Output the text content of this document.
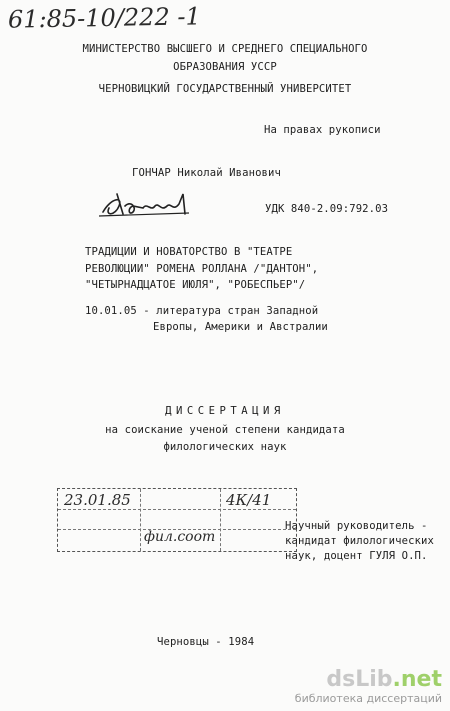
61:85-10/222 -1
МИНИСТЕРСТВО ВЫСШЕГО И СРЕДНЕГО СПЕЦИАЛЬНОГО
ОБРАЗОВАНИЯ УССР
ЧЕРНОВИЦКИЙ ГОСУДАРСТВЕННЫЙ УНИВЕРСИТЕТ
На правах рукописи
ГОНЧАР Николай Иванович
УДК 840-2.09:792.03
ТРАДИЦИИ И НОВАТОРСТВО В "ТЕАТРЕ
РЕВОЛЮЦИИ" РОМЕНА РОЛЛАНА /"ДАНТОН",
"ЧЕТЫРНАДЦАТОЕ ИЮЛЯ", "РОБЕСПЬЕР"/
10.01.05 - литература стран Западной
Европы, Америки и Австралии
ДИССЕРТАЦИЯ
на соискание ученой степени кандидата
филологических наук
23.01.85	4К/41
фил.соот
Научный руководитель -
кандидат филологических
наук, доцент ГУЛЯ О.П.
Черновцы - 1984
dsLib.net
библиотека диссертаций
